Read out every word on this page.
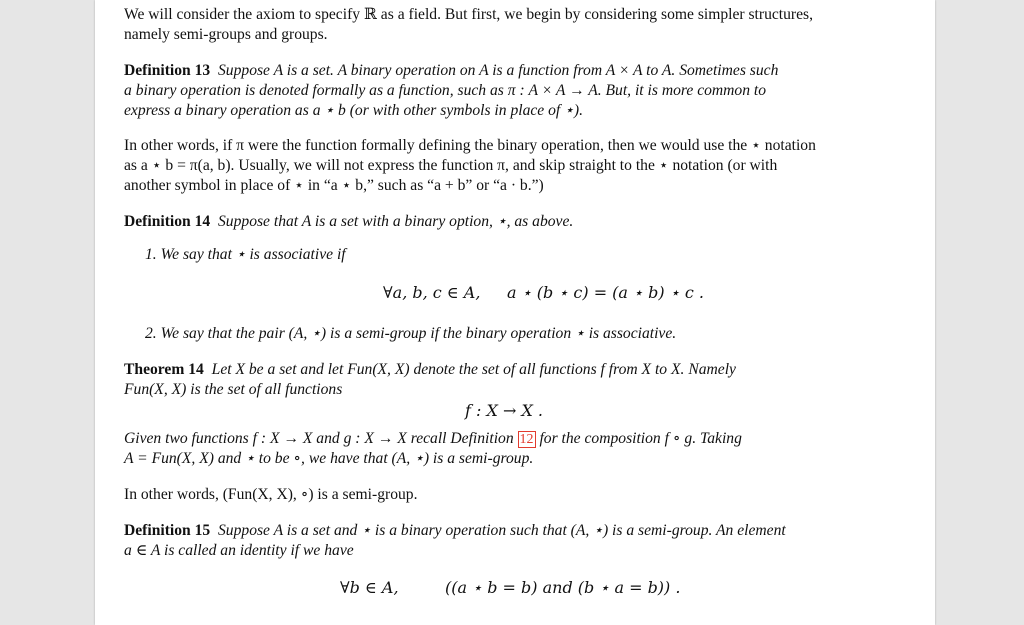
We will consider the axiom to specify ℝ as a field. But first, we begin by considering some simpler structures,

namely semi-groups and groups.

Definition 13 Suppose A is a set. A binary operation on A is a function from A × A to A. Sometimes such

a binary operation is denoted formally as a function, such as π : A × A → A. But, it is more common to

express a binary operation as a ⋆ b (or with other symbols in place of ⋆).

In other words, if π were the function formally defining the binary operation, then we would use the ⋆ notation

as a ⋆ b = π(a, b). Usually, we will not express the function π, and skip straight to the ⋆ notation (or with

another symbol in place of ⋆ in “a ⋆ b,” such as “a + b” or “a · b.”)

Definition 14 Suppose that A is a set with a binary option, ⋆, as above.

1. We say that ⋆ is associative if
∀a, b, c ∈ A, a ⋆ (b ⋆ c) = (a ⋆ b) ⋆ c .
2. We say that the pair (A, ⋆) is a semi-group if the binary operation ⋆ is associative.

Theorem 14 Let X be a set and let Fun(X, X) denote the set of all functions f from X to X. Namely

Fun(X, X) is the set of all functions

f : X → X .

Given two functions f : X → X and g : X → X recall Definition 12 for the composition f ∘ g. Taking

A = Fun(X, X) and ⋆ to be ∘, we have that (A, ⋆) is a semi-group.

In other words, (Fun(X, X), ∘) is a semi-group.

Definition 15 Suppose A is a set and ⋆ is a binary operation such that (A, ⋆) is a semi-group. An element

a ∈ A is called an identity if we have

∀b ∈ A,	((a ⋆ b = b) and (b ⋆ a = b)) .
